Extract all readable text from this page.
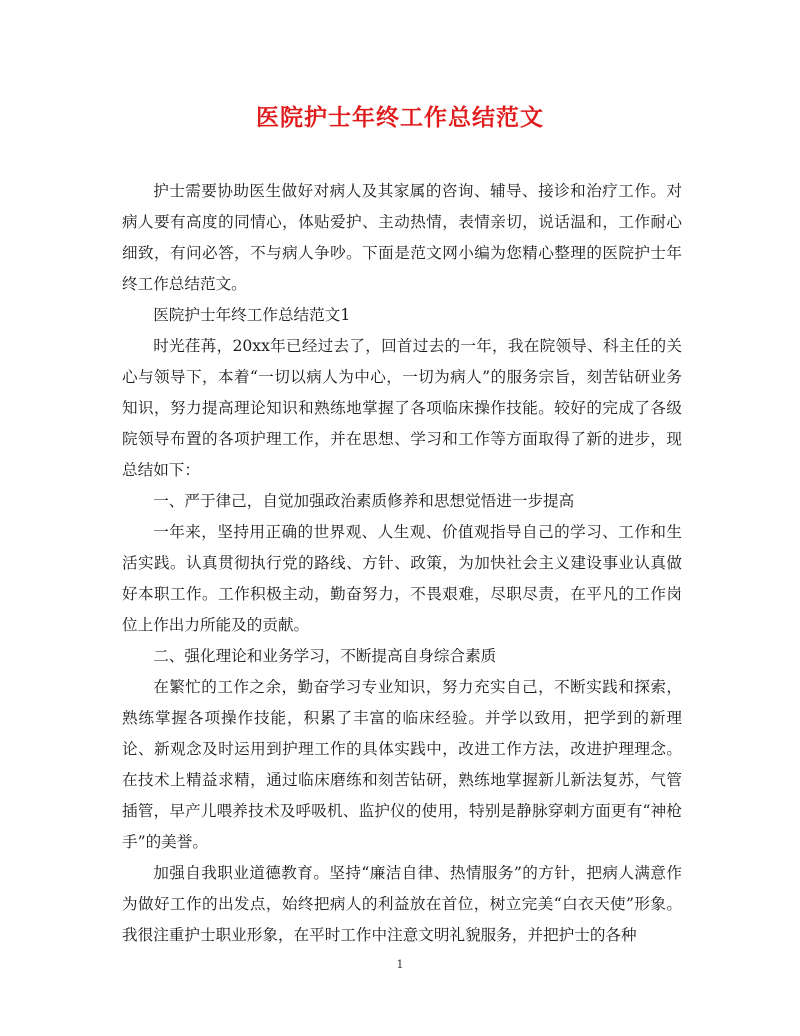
医院护士年终工作总结范文

护士需要协助医生做好对病人及其家属的咨询、辅导、接诊和治疗工作。对病人要有高度的同情心，体贴爱护、主动热情，表情亲切，说话温和，工作耐心细致，有问必答，不与病人争吵。下面是范文网小编为您精心整理的医院护士年终工作总结范文。

医院护士年终工作总结范文1

时光荏苒，20xx年已经过去了，回首过去的一年，我在院领导、科主任的关心与领导下，本着“一切以病人为中心，一切为病人”的服务宗旨，刻苦钻研业务知识，努力提高理论知识和熟练地掌握了各项临床操作技能。较好的完成了各级院领导布置的各项护理工作，并在思想、学习和工作等方面取得了新的进步，现总结如下：

一、严于律己，自觉加强政治素质修养和思想觉悟进一步提高

一年来，坚持用正确的世界观、人生观、价值观指导自己的学习、工作和生活实践。认真贯彻执行党的路线、方针、政策，为加快社会主义建设事业认真做好本职工作。工作积极主动，勤奋努力，不畏艰难，尽职尽责，在平凡的工作岗位上作出力所能及的贡献。

二、强化理论和业务学习，不断提高自身综合素质

在繁忙的工作之余，勤奋学习专业知识，努力充实自己，不断实践和探索，熟练掌握各项操作技能，积累了丰富的临床经验。并学以致用，把学到的新理论、新观念及时运用到护理工作的具体实践中，改进工作方法，改进护理理念。在技术上精益求精，通过临床磨练和刻苦钻研，熟练地掌握新儿新法复苏，气管插管，早产儿喂养技术及呼吸机、监护仪的使用，特别是静脉穿刺方面更有“神枪手”的美誉。

加强自我职业道德教育。坚持“廉洁自律、热情服务”的方针，把病人满意作为做好工作的出发点，始终把病人的利益放在首位，树立完美“白衣天使”形象。我很注重护士职业形象，在平时工作中注意文明礼貌服务，并把护士的各种

1
